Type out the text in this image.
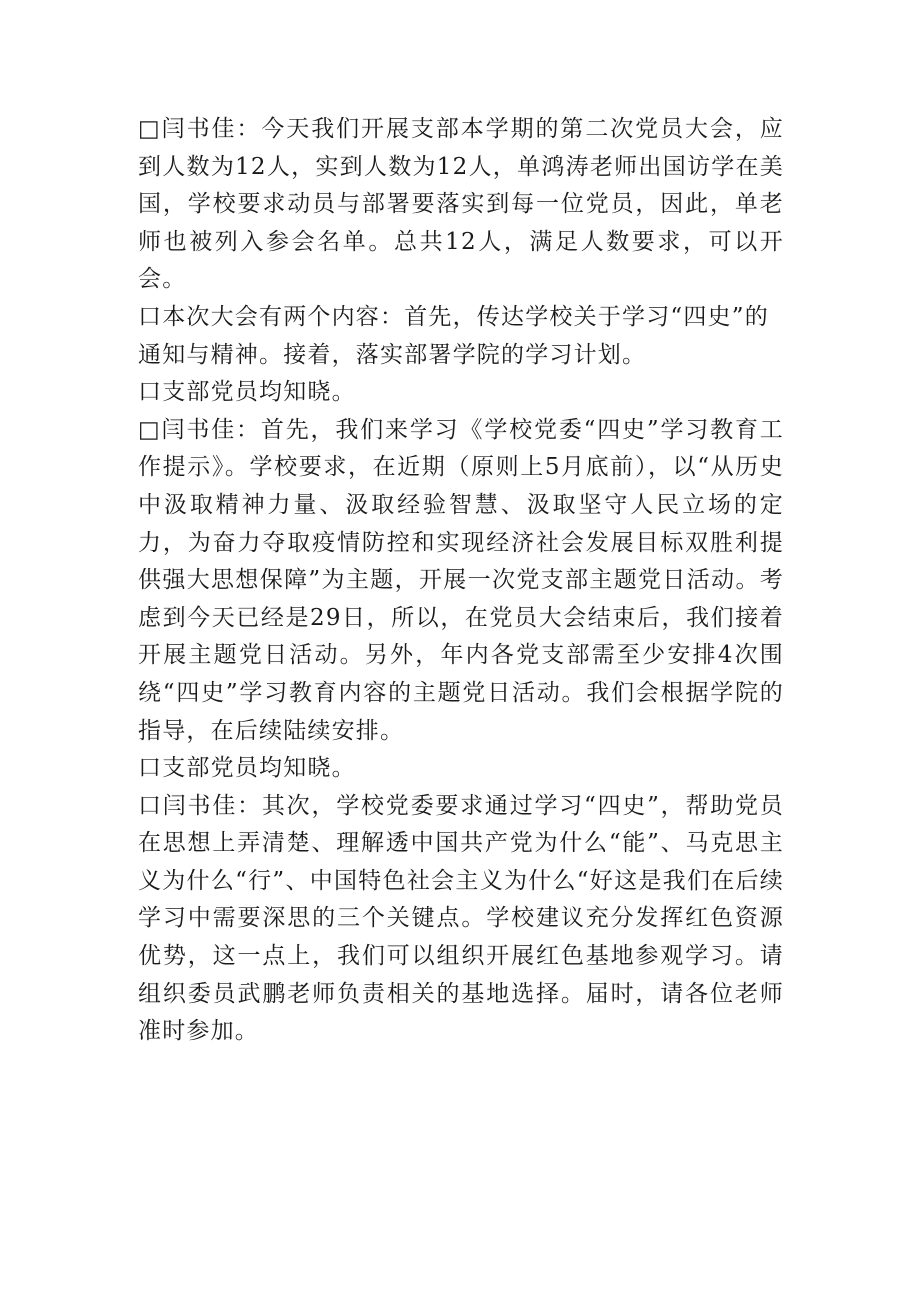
□闫书佳：今天我们开展支部本学期的第二次党员大会，应到人数为12人，实到人数为12人，单鸿涛老师出国访学在美国，学校要求动员与部署要落实到每一位党员，因此，单老师也被列入参会名单。总共12人，满足人数要求，可以开会。

口本次大会有两个内容：首先，传达学校关于学习“四史”的

通知与精神。接着，落实部署学院的学习计划。

口支部党员均知晓。

□闫书佳：首先，我们来学习《学校党委“四史”学习教育工作提示》。学校要求，在近期（原则上5月底前），以“从历史中汲取精神力量、汲取经验智慧、汲取坚守人民立场的定力，为奋力夺取疫情防控和实现经济社会发展目标双胜利提供强大思想保障”为主题，开展一次党支部主题党日活动。考虑到今天已经是29日，所以，在党员大会结束后，我们接着开展主题党日活动。另外，年内各党支部需至少安排4次围绕“四史”学习教育内容的主题党日活动。我们会根据学院的指导，在后续陆续安排。

口支部党员均知晓。

口闫书佳：其次，学校党委要求通过学习“四史”，帮助党员在思想上弄清楚、理解透中国共产党为什么“能”、马克思主义为什么“行”、中国特色社会主义为什么“好这是我们在后续学习中需要深思的三个关键点。学校建议充分发挥红色资源优势，这一点上，我们可以组织开展红色基地参观学习。请组织委员武鹏老师负责相关的基地选择。届时，请各位老师准时参加。
